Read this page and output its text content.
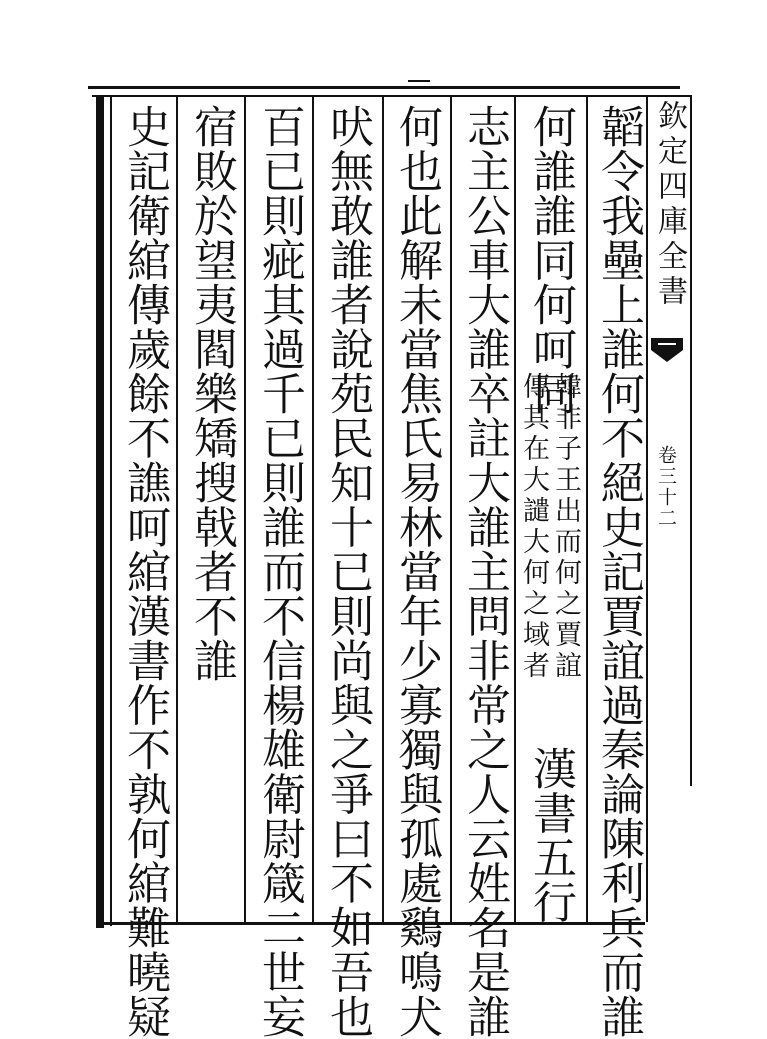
欽定四庫全書
卷三十二
韜令我壘上誰何不絕史記賈誼過秦論陳利兵而誰
何誰誰同何呵同
韓非子王出而何之賈誼
傳其在大譴大何之域者
漢書五行
志主公車大誰卒註大誰主問非常之人云姓名是誰
何也此解未當焦氏易林當年少寡獨與孤處鷄鳴犬
吠無敢誰者說苑民知十已則尚與之爭曰不如吾也
百已則疵其過千已則誰而不信楊雄衛尉箴二世妄
宿敗於望夷閻樂矯搜戟者不誰
史記衛綰傳歲餘不譙呵綰漢書作不孰何綰難曉疑
